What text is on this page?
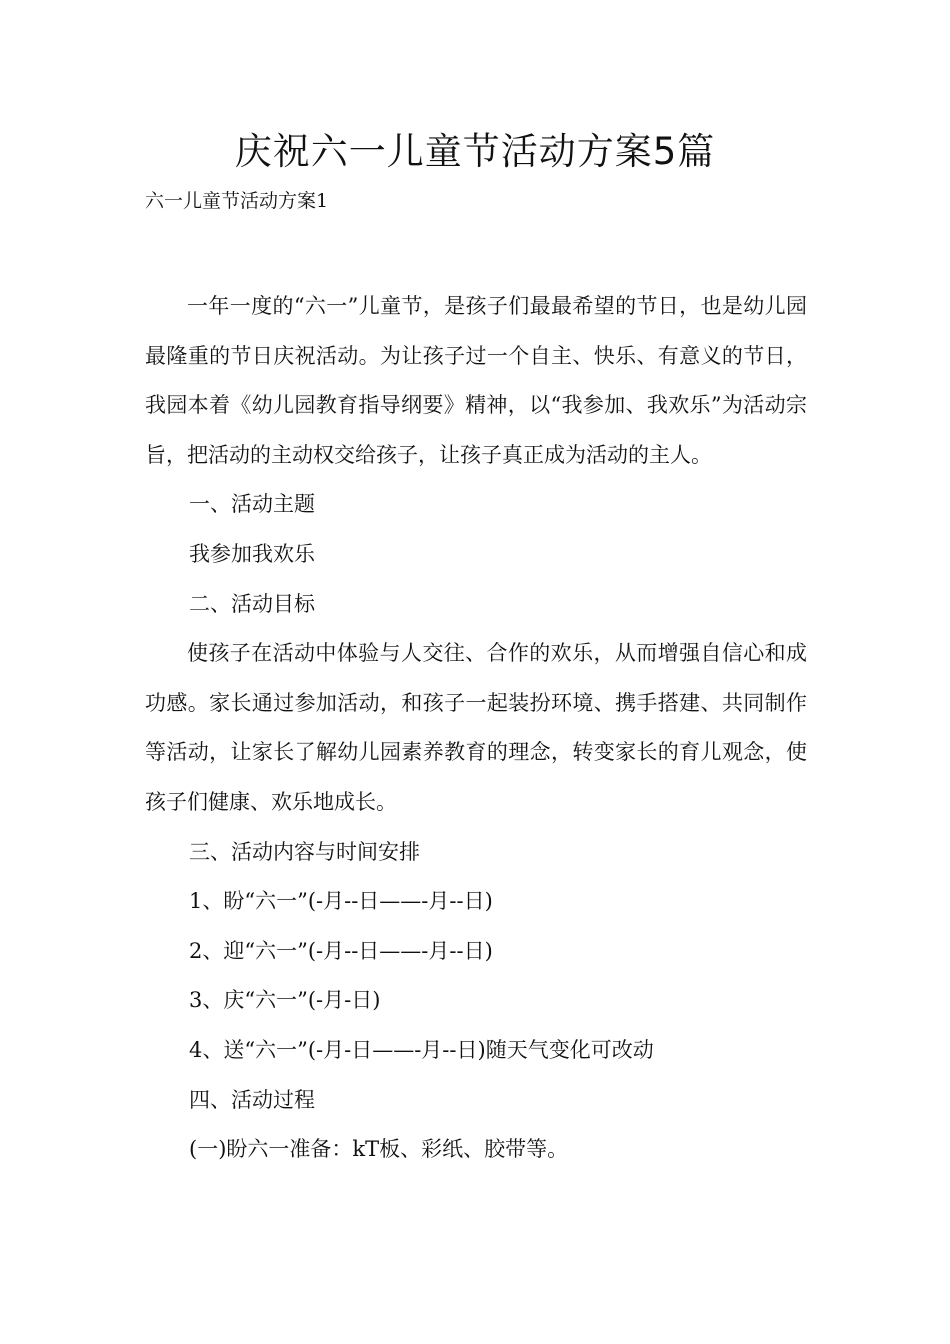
庆祝六一儿童节活动方案5篇

六一儿童节活动方案1

一年一度的“六一”儿童节，是孩子们最最希望的节日，也是幼儿园最隆重的节日庆祝活动。为让孩子过一个自主、快乐、有意义的节日，我园本着《幼儿园教育指导纲要》精神，以“我参加、我欢乐”为活动宗旨，把活动的主动权交给孩子，让孩子真正成为活动的主人。

一、活动主题

我参加我欢乐

二、活动目标

使孩子在活动中体验与人交往、合作的欢乐，从而增强自信心和成功感。家长通过参加活动，和孩子一起装扮环境、携手搭建、共同制作等活动，让家长了解幼儿园素养教育的理念，转变家长的育儿观念，使孩子们健康、欢乐地成长。

三、活动内容与时间安排

1、盼“六一”(-月--日——-月--日)

2、迎“六一”(-月--日——-月--日)

3、庆“六一”(-月-日)

4、送“六一”(-月-日——-月--日)随天气变化可改动

四、活动过程

(一)盼六一准备：kT板、彩纸、胶带等。
